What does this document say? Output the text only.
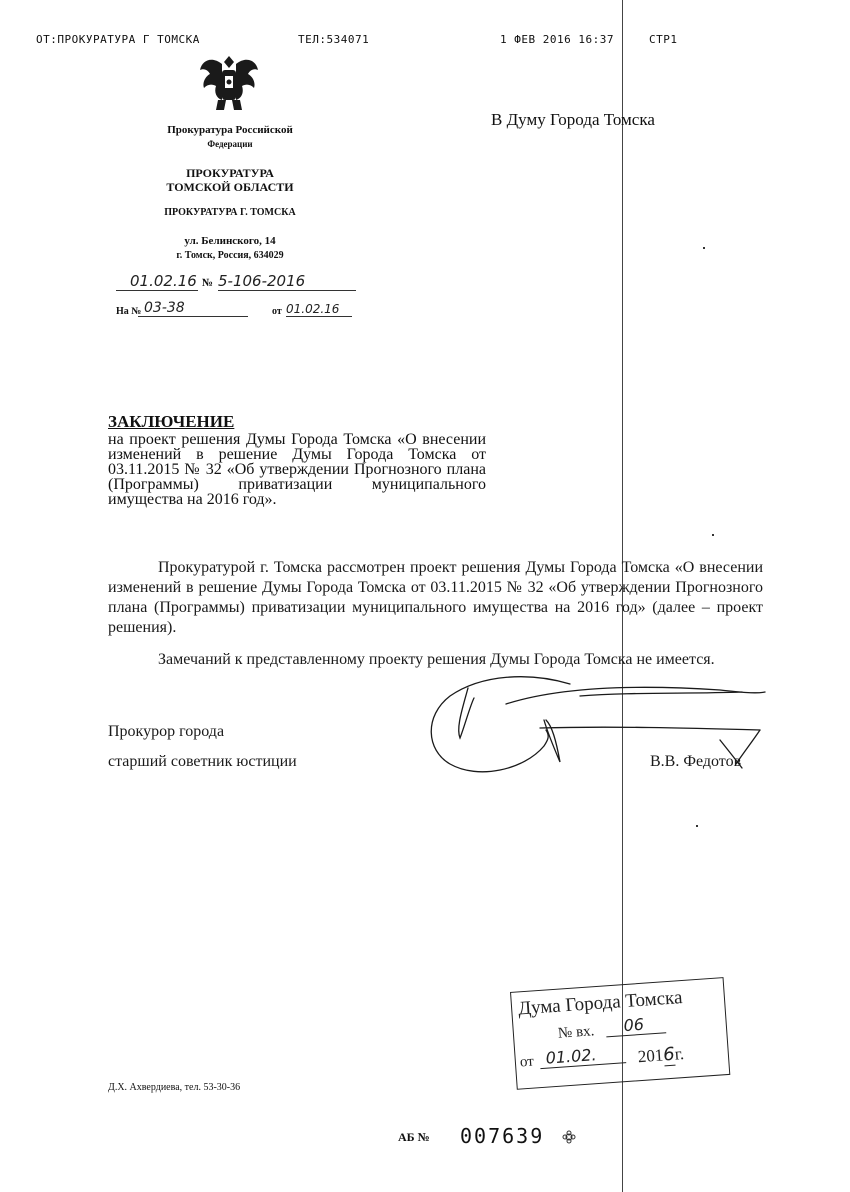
ОТ:ПРОКУРАТУРА Г ТОМСКА	ТЕЛ:534071	1 ФЕВ 2016 16:37	СТР1
Прокуратура Российской
Федерации
ПРОКУРАТУРА
ТОМСКОЙ ОБЛАСТИ
ПРОКУРАТУРА Г. ТОМСКА
ул. Белинского, 14
г. Томск, Россия, 634029
01.02.16 № 5-106-2016
На № 03-38	от 01.02.16
В Думу Города Томска
ЗАКЛЮЧЕНИЕ
на проект решения Думы Города Томска «О внесении изменений в решение Думы Города Томска от 03.11.2015 № 32 «Об утверждении Прогнозного плана (Программы) приватизации муниципального имущества на 2016 год».
Прокуратурой г. Томска рассмотрен проект решения Думы Города Томска «О внесении изменений в решение Думы Города Томска от 03.11.2015 № 32 «Об утверждении Прогнозного плана (Программы) приватизации муниципального имущества на 2016 год» (далее – проект решения).
Замечаний к представленному проекту решения Думы Города Томска не имеется.
Прокурор города
старший советник юстиции	В.В. Федотов
Дума Города Томска
№ вх.	06
от 01.02.	2016г.
Д.Х. Ахвердиева, тел. 53-30-36
АБ № 007639
